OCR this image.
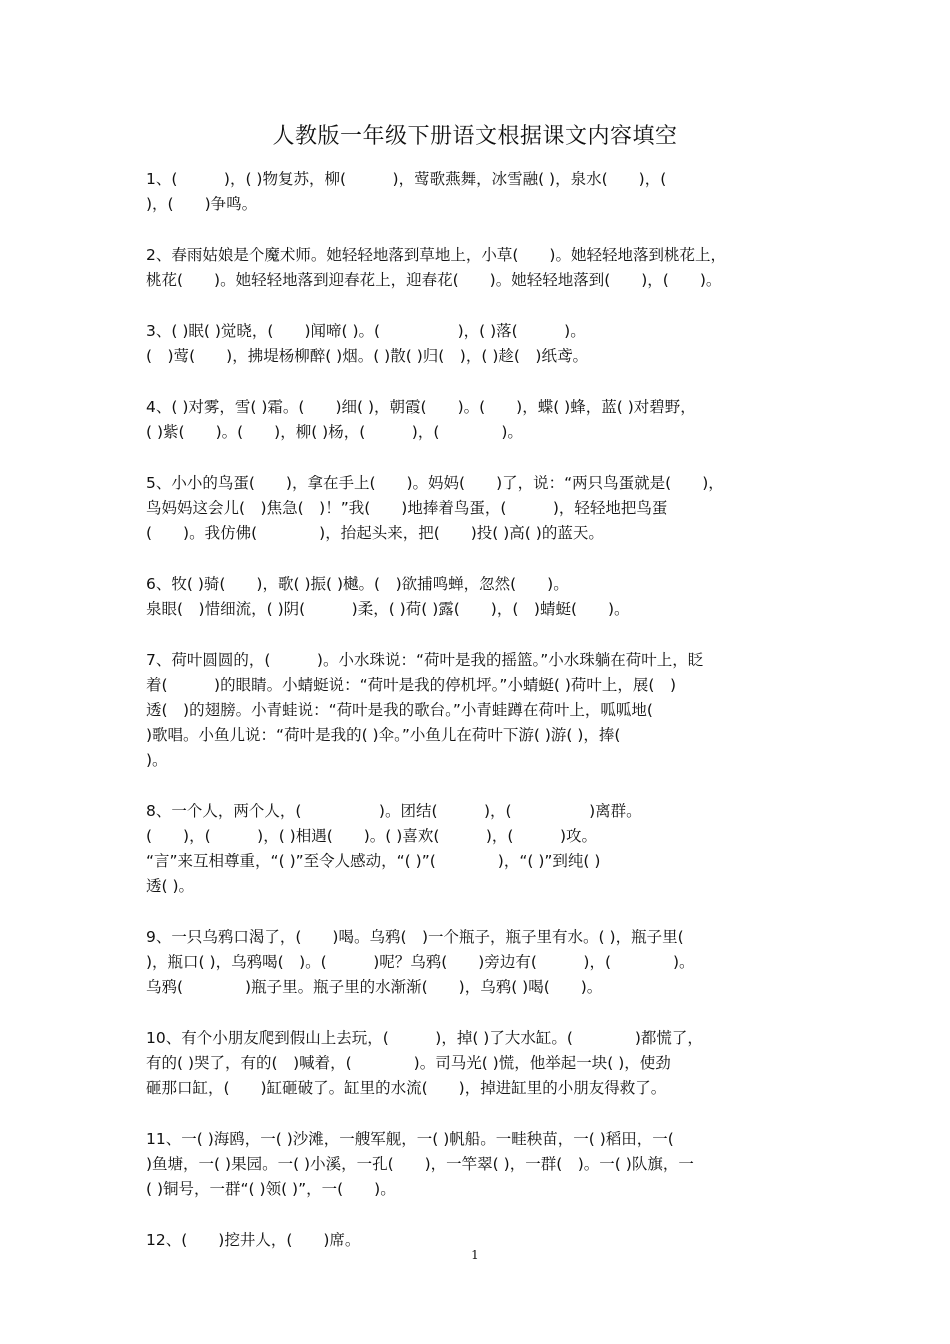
人教版一年级下册语文根据课文内容填空
1、(　　　)，( )物复苏，柳(　　　)，莺歌燕舞，冰雪融( )，泉水(　　)，(
)，(　　)争鸣。
2、春雨姑娘是个魔术师。她轻轻地落到草地上，小草(　　)。她轻轻地落到桃花上，
桃花(　　)。她轻轻地落到迎春花上，迎春花(　　)。她轻轻地落到(　　)，(　　)。
3、( )眠( )觉晓，(　　)闻啼( )。(　　　　　)，( )落(　　　)。
(　)莺(　　)，拂堤杨柳醉( )烟。( )散( )归(　)，( )趁(　)纸鸢。
4、( )对雾，雪( )霜。(　　)细( )，朝霞(　　)。(　　)，蝶( )蜂，蓝( )对碧野，
( )紫(　　)。(　　)，柳( )杨，(　　　)，(　　　　)。
5、小小的鸟蛋(　　)，拿在手上(　　)。妈妈(　　)了，说：“两只鸟蛋就是(　　)，
鸟妈妈这会儿(　)焦急(　)！”我(　　)地捧着鸟蛋，(　　　)，轻轻地把鸟蛋
(　　)。我仿佛(　　　　)，抬起头来，把(　　)投( )高( )的蓝天。
6、牧( )骑(　　)，歌( )振( )樾。(　)欲捕鸣蝉，忽然(　　)。
泉眼(　)惜细流，( )阴(　　　)柔，( )荷( )露(　　)，(　)蜻蜓(　　)。
7、荷叶圆圆的，(　　　)。小水珠说：“荷叶是我的摇篮。”小水珠躺在荷叶上，眨
着(　　　)的眼睛。小蜻蜓说：“荷叶是我的停机坪。”小蜻蜓( )荷叶上，展(　)
透(　)的翅膀。小青蛙说：“荷叶是我的歌台。”小青蛙蹲在荷叶上，呱呱地(
)歌唱。小鱼儿说：“荷叶是我的( )伞。”小鱼儿在荷叶下游( )游( )，捧(
)。
8、一个人，两个人，(　　　　　)。团结(　　　)，(　　　　　)离群。
(　　)，(　　　)，( )相遇(　　)。( )喜欢(　　　)，(　　　)攻。
“言”来互相尊重，“( )”至令人感动，“( )”(　　　　)，“( )”到纯( )
透( )。
9、一只乌鸦口渴了，(　　)喝。乌鸦(　)一个瓶子，瓶子里有水。( )，瓶子里(
)，瓶口( )，乌鸦喝(　)。(　　　)呢？乌鸦(　　)旁边有(　　　)，(　　　　)。
乌鸦(　　　　)瓶子里。瓶子里的水渐渐(　　)，乌鸦( )喝(　　)。
10、有个小朋友爬到假山上去玩，(　　　)，掉( )了大水缸。(　　　　)都慌了，
有的( )哭了，有的(　)喊着，(　　　　)。司马光( )慌，他举起一块( )，使劲
砸那口缸，(　　)缸砸破了。缸里的水流(　　)，掉进缸里的小朋友得救了。
11、一( )海鸥，一( )沙滩，一艘军舰，一( )帆船。一畦秧苗，一( )稻田，一(
)鱼塘，一( )果园。一( )小溪，一孔(　　)，一竿翠( )，一群(　)。一( )队旗，一
( )铜号，一群“( )领( )”，一(　　)。
12、(　　)挖井人，(　　)席。
1
